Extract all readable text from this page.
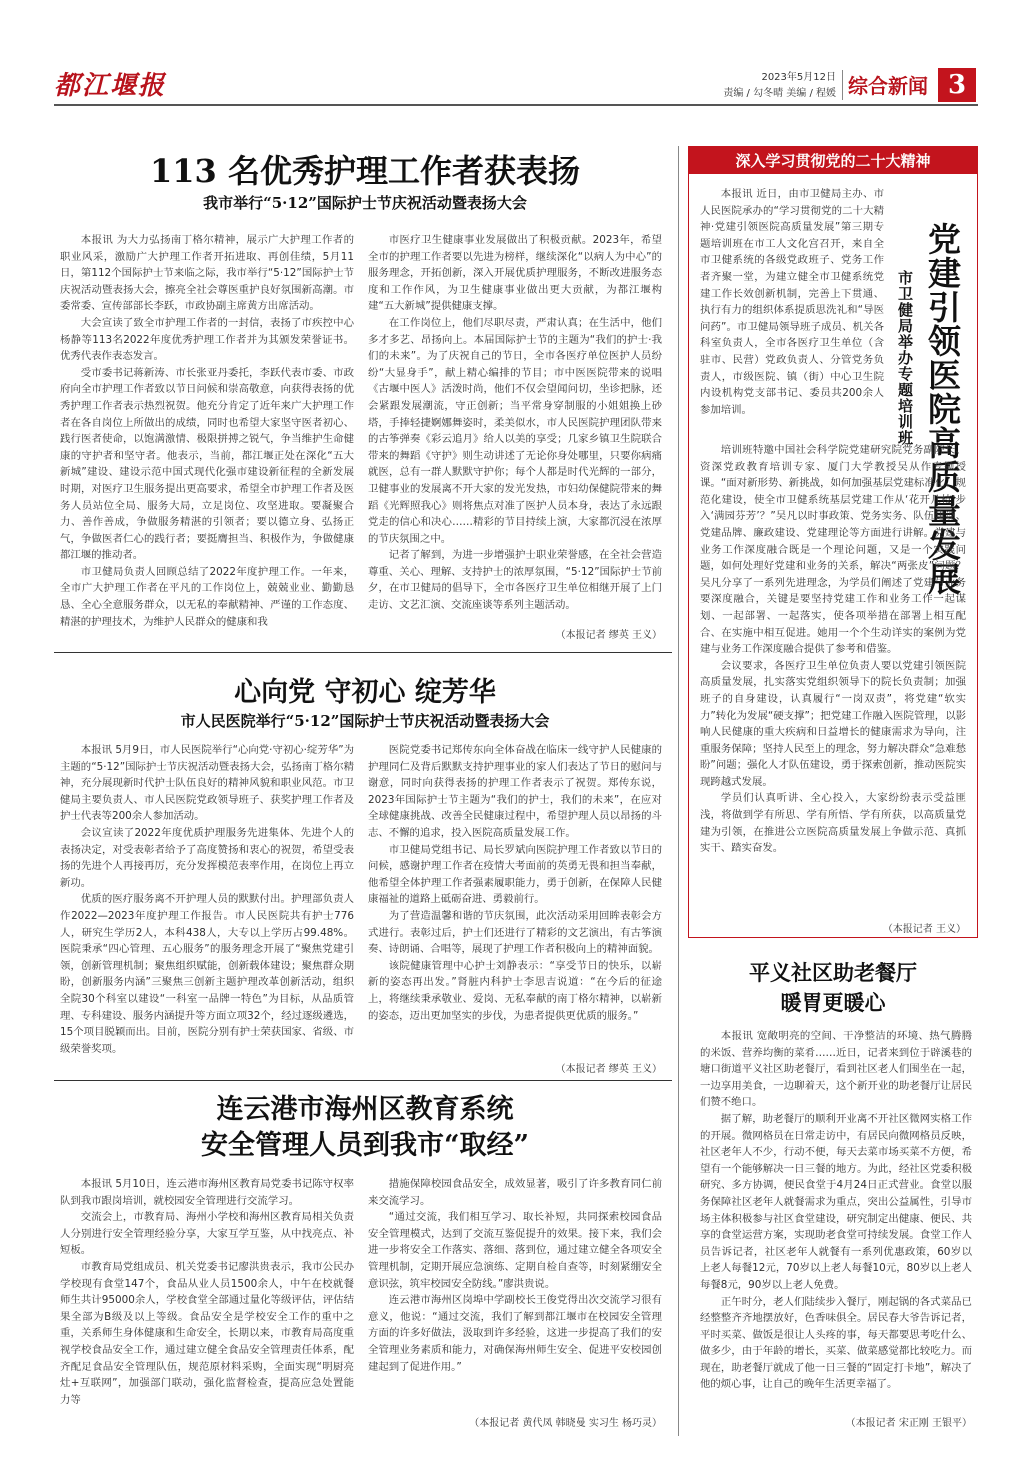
都江堰报	2023年5月12日
责编 / 勾冬晴 美编 / 程媛 综合新闻 3
113 名优秀护理工作者获表扬
我市举行“5·12”国际护士节庆祝活动暨表扬大会

本报讯 为大力弘扬南丁格尔精神，展示广大护理工作者的职业风采，激励广大护理工作者开拓进取、再创佳绩，5月11日，第112个国际护士节来临之际，我市举行“5·12”国际护士节庆祝活动暨表扬大会，擦亮全社会尊医重护良好氛围新高潮。市委常委、宣传部部长李跃，市政协副主席黄方出席活动。

大会宣读了致全市护理工作者的一封信，表扬了市疾控中心杨静等113名2022年度优秀护理工作者并为其颁发荣誉证书。优秀代表作表态发言。

受市委书记蒋新涛、市长张亚丹委托，李跃代表市委、市政府向全市护理工作者致以节日问候和崇高敬意，向获得表扬的优秀护理工作者表示热烈祝贺。他充分肯定了近年来广大护理工作者在各自岗位上所做出的成绩，同时也希望大家坚守医者初心、践行医者使命，以饱满激情、极限拼搏之锐气，争当维护生命健康的守护者和坚守者。他表示，当前，都江堰正处在深化“五大新城”建设、建设示范中国式现代化强市建设新征程的全新发展时期，对医疗卫生服务提出更高要求，希望全市护理工作者及医务人员站位全局、服务大局，立足岗位、攻坚进取。要凝聚合力、善作善成，争做服务精湛的引领者；要以德立身、弘扬正气，争做医者仁心的践行者；要挺膺担当、积极作为，争做健康都江堰的推动者。

市卫健局负责人回顾总结了2022年度护理工作。一年来，全市广大护理工作者在平凡的工作岗位上，兢兢业业、勤勤恳恳、全心全意服务群众，以无私的奉献精神、严谨的工作态度、精湛的护理技术，为维护人民群众的健康和我

市医疗卫生健康事业发展做出了积极贡献。2023年，希望全市的护理工作者要以先进为榜样，继续深化“以病人为中心”的服务理念，开拓创新，深入开展优质护理服务，不断改进服务态度和工作作风，为卫生健康事业做出更大贡献，为都江堰构建“五大新城”提供健康支撑。

在工作岗位上，他们尽职尽责，严肃认真；在生活中，他们多才多艺、昂扬向上。本届国际护士节的主题为“我们的护士·我们的未来”。为了庆祝自己的节日，全市各医疗单位医护人员纷纷“大显身手”，献上精心编排的节目；市中医医院带来的说唱《古堰中医人》活泼时尚，他们不仅会望闻问切，坐诊把脉，还会紧跟发展潮流，守正创新；当平常身穿制服的小姐姐换上砂塔，手捧轻捷婀娜舞姿时，柔美似水，市人民医院护理团队带来的古筝弹奏《彩云追月》给人以美的享受；几家乡镇卫生院联合带来的舞蹈《守护》则生动讲述了无论你身处哪里，只要你病痛就医，总有一群人默默守护你；每个人都是时代光辉的一部分，卫健事业的发展离不开大家的发光发热，市妇幼保健院带来的舞蹈《光辉照我心》则将焦点对准了医护人员本身，表达了永远跟党走的信心和决心……精彩的节目持续上演，大家都沉浸在浓厚的节庆氛围之中。

记者了解到，为进一步增强护士职业荣誉感，在全社会营造尊重、关心、理解、支持护士的浓厚氛围，“5·12”国际护士节前夕，在市卫健局的倡导下，全市各医疗卫生单位相继开展了上门走访、文艺汇演、交流座谈等系列主题活动。

（本报记者 缪英 王义）
心向党 守初心 绽芳华
市人民医院举行“5·12”国际护士节庆祝活动暨表扬大会

本报讯 5月9日，市人民医院举行“心向党·守初心·绽芳华”为主题的“5·12”国际护士节庆祝活动暨表扬大会，弘扬南丁格尔精神，充分展现新时代护士队伍良好的精神风貌和职业风范。市卫健局主要负责人、市人民医院党政领导班子、获奖护理工作者及护士代表等200余人参加活动。

会议宣读了2022年度优质护理服务先进集体、先进个人的表扬决定，对受表彰者给予了高度赞扬和衷心的祝贺，希望受表扬的先进个人再接再厉，充分发挥模范表率作用，在岗位上再立新功。

优质的医疗服务离不开护理人员的默默付出。护理部负责人作2022—2023年度护理工作报告。市人民医院共有护士776人，研究生学历2人，本科438人，大专以上学历占99.48%。医院秉承“四心管理、五心服务”的服务理念开展了“聚焦党建引领，创新管理机制；聚焦组织赋能，创新载体建设；聚焦群众期盼，创新服务内涵”三聚焦三创新主题护理改革创新活动，组织全院30个科室以建设“一科室一品牌一特色”为目标，从品质管理、专科建设、服务内涵提升等方面立项32个，经过逐级遴选，15个项目脱颖而出。目前，医院分别有护士荣获国家、省级、市级荣誉奖项。

医院党委书记郑传东向全体奋战在临床一线守护人民健康的护理同仁及背后默默支持护理事业的家人们表达了节日的慰问与谢意，同时向获得表扬的护理工作者表示了祝贺。郑传东说，2023年国际护士节主题为“我们的护士，我们的未来”，在应对全球健康挑战、改善全民健康过程中，希望护理人员以昂扬的斗志、不懈的追求，投入医院高质量发展工作。

市卫健局党组书记、局长罗斌向医院护理工作者致以节日的问候，感谢护理工作者在疫情大考面前的英勇无畏和担当奉献，他希望全体护理工作者强素履职能力，勇于创新，在保障人民健康福祉的道路上砥砺奋进、勇毅前行。

为了营造温馨和谐的节庆氛围，此次活动采用回眸表彰会方式进行。表彰过后，护士们还进行了精彩的文艺演出，有古筝演奏、诗朗诵、合唱等，展现了护理工作者积极向上的精神面貌。

该院健康管理中心护士刘静表示：“享受节日的快乐，以崭新的姿态再出发。”肾脏内科护士李思吉说道：“在今后的征途上，将继续秉承敬业、爱岗、无私奉献的南丁格尔精神，以崭新的姿态，迈出更加坚实的步伐，为患者提供更优质的服务。”

（本报记者 缪英 王义）
连云港市海州区教育系统
安全管理人员到我市“取经”

本报讯 5月10日，连云港市海州区教育局党委书记陈守权率队到我市跟岗培训，就校园安全管理进行交流学习。

交流会上，市教育局、海州小学校和海州区教育局相关负责人分别进行安全管理经验分享，大家互学互鉴，从中找亮点、补短板。

市教育局党组成员、机关党委书记廖洪贵表示，我市公民办学校现有食堂147个，食品从业人员1500余人，中午在校就餐师生共计95000余人，学校食堂全部通过量化等级评估，评估结果全部为B级及以上等级。食品安全是学校安全工作的重中之重，关系师生身体健康和生命安全，长期以来，市教育局高度重视学校食品安全工作，通过建立健全食品安全管理责任体系，配齐配足食品安全管理队伍，规范原材料采购，全面实现“明厨亮灶+互联网”，加强部门联动，强化监督检查，提高应急处置能力等

措施保障校园食品安全，成效显著，吸引了许多教育同仁前来交流学习。

“通过交流，我们相互学习、取长补短，共同探索校园食品安全管理模式，达到了交流互鉴促提升的效果。接下来，我们会进一步将安全工作落实、落细、落到位，通过建立健全各项安全管理机制，定期开展应急演练、定期自检自查等，时刻紧绷安全意识弦，筑牢校园安全防线。”廖洪贵说。

连云港市海州区岗埠中学副校长王俊党得出次交流学习很有意义，他说：“通过交流，我们了解到都江堰市在校园安全管理方面的许多好做法，汲取到许多经验，这进一步提高了我们的安全管理业务素质和能力，对确保海州师生安全、促进平安校园创建起到了促进作用。”

（本报记者 黄代凤 韩晓曼 实习生 杨巧灵）
深入学习贯彻党的二十大精神
党建引领医院高质量发展
市卫健局举办专题培训班

本报讯 近日，由市卫健局主办、市人民医院承办的“学习贯彻党的二十大精神·党建引领医院高质量发展”第三期专题培训班在市工人文化宫召开，来自全市卫健系统的各级党政班子、党务工作者齐聚一堂，为建立健全市卫健系统党建工作长效创新机制，完善上下贯通、执行有力的组织体系提质思洗礼和“导医问药”。市卫健局领导班子成员、机关各科室负责人，全市各医疗卫生单位（含驻市、民营）党政负责人、分管党务负责人，市级医院、镇（街）中心卫生院内设机构党支部书记、委员共200余人参加培训。

培训班特邀中国社会科学院党建研究院党务副院长、资深党政教育培训专家、厦门大学教授吴从作专题授课。“面对新形势、新挑战，如何加强基层党建标准化、规范化建设，使全市卫健系统基层党建工作从‘花开几枝’步入‘满园芬芳’？”吴凡以时事政策、党务实务、队伍建设、党建品牌、廉政建设、党建理论等方面进行讲解。党建与业务工作深度融合既是一个理论问题，又是一个实践问题，如何处理好党建和业务的关系，解决“两张皮”问题？吴凡分享了一系列先进理念，为学员们阐述了党建与业务要深度融合，关键是要坚持党建工作和业务工作一起谋划、一起部署、一起落实，使各项举措在部署上相互配合、在实施中相互促进。她用一个个生动详实的案例为党建与业务工作深度融合提供了参考和借鉴。

会议要求，各医疗卫生单位负责人要以党建引领医院高质量发展，扎实落实党组织领导下的院长负责制；加强班子的自身建设，认真履行“一岗双责”，将党建“软实力”转化为发展“硬支撑”；把党建工作融入医院管理，以影响人民健康的重大疾病和日益增长的健康需求为导向，注重服务保障；坚持人民至上的理念，努力解决群众“急难愁盼”问题；强化人才队伍建设，勇于探索创新，推动医院实现跨越式发展。

学员们认真听讲、全心投入，大家纷纷表示受益匪浅，将做到学有所思、学有所悟、学有所获，以高质量党建为引领，在推进公立医院高质量发展上争做示范、真抓实干、踏实奋发。

（本报记者 王义）
平义社区助老餐厅
暖胃更暖心

本报讯 宽敞明亮的空间、干净整洁的环境、热气腾腾的米饭、营养均衡的菜肴……近日，记者来到位于辟溪巷的塘口街道平义社区助老餐厅，看到社区老人们围坐在一起，一边享用美食，一边聊着天，这个新开业的助老餐厅让居民们赞不绝口。

据了解，助老餐厅的顺利开业离不开社区微网实格工作的开展。微网格员在日常走访中，有居民向微网格员反映，社区老年人不少，行动不便，每天去菜市场买菜不方便，希望有一个能够解决一日三餐的地方。为此，经社区党委积极研究、多方协调，便民食堂于4月24日正式营业。食堂以服务保障社区老年人就餐需求为重点，突出公益属性，引导市场主体积极参与社区食堂建设，研究制定出健康、便民、共享的食堂运营方案，实现助老食堂可持续发展。食堂工作人员告诉记者，社区老年人就餐有一系列优惠政策，60岁以上老人每餐12元，70岁以上老人每餐10元，80岁以上老人每餐8元，90岁以上老人免费。

正午时分，老人们陆续步入餐厅，刚起锅的各式菜品已经整整齐齐地摆放好，色香味俱全。居民春大爷告诉记者，平时买菜、做饭是很让人头疼的事，每天都要思考吃什么、做多少，由于年龄的增长，买菜、做菜感觉都比较吃力。而现在，助老餐厅就成了他一日三餐的“固定打卡地”，解决了他的烦心事，让自己的晚年生活更幸福了。

（本报记者 宋正刚 王银平）
